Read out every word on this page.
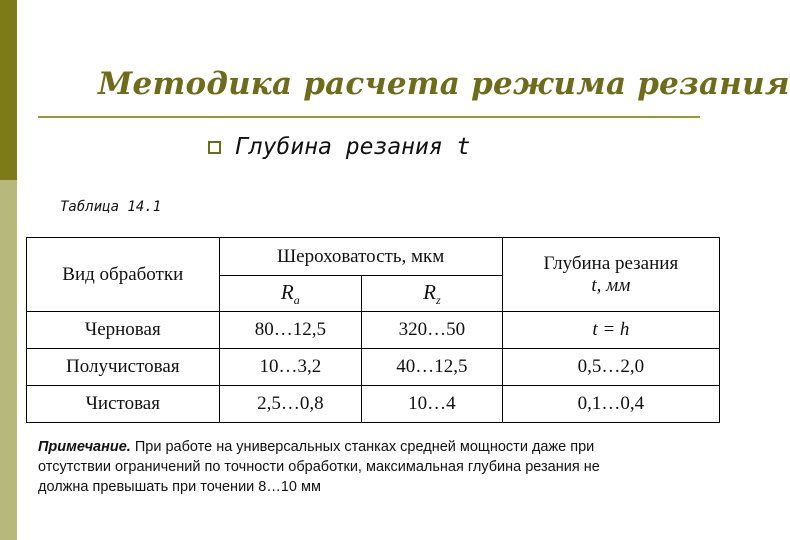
Методика расчета режима резания
Глубина резания t
Таблица 14.1
Вид обработки	Шероховатость, мкм		Глубина резания
t, мм

	$R_a$	$R_z$
Черновая	80…12,5	320…50	t = h
Получистовая	10…3,2	40…12,5	0,5…2,0
Чистовая	2,5…0,8	10…4	0,1…0,4
Примечание. При работе на универсальных станках средней мощности даже при
отсутствии ограничений по точности обработки, максимальная глубина резания не
должна превышать при точении 8…10 мм
